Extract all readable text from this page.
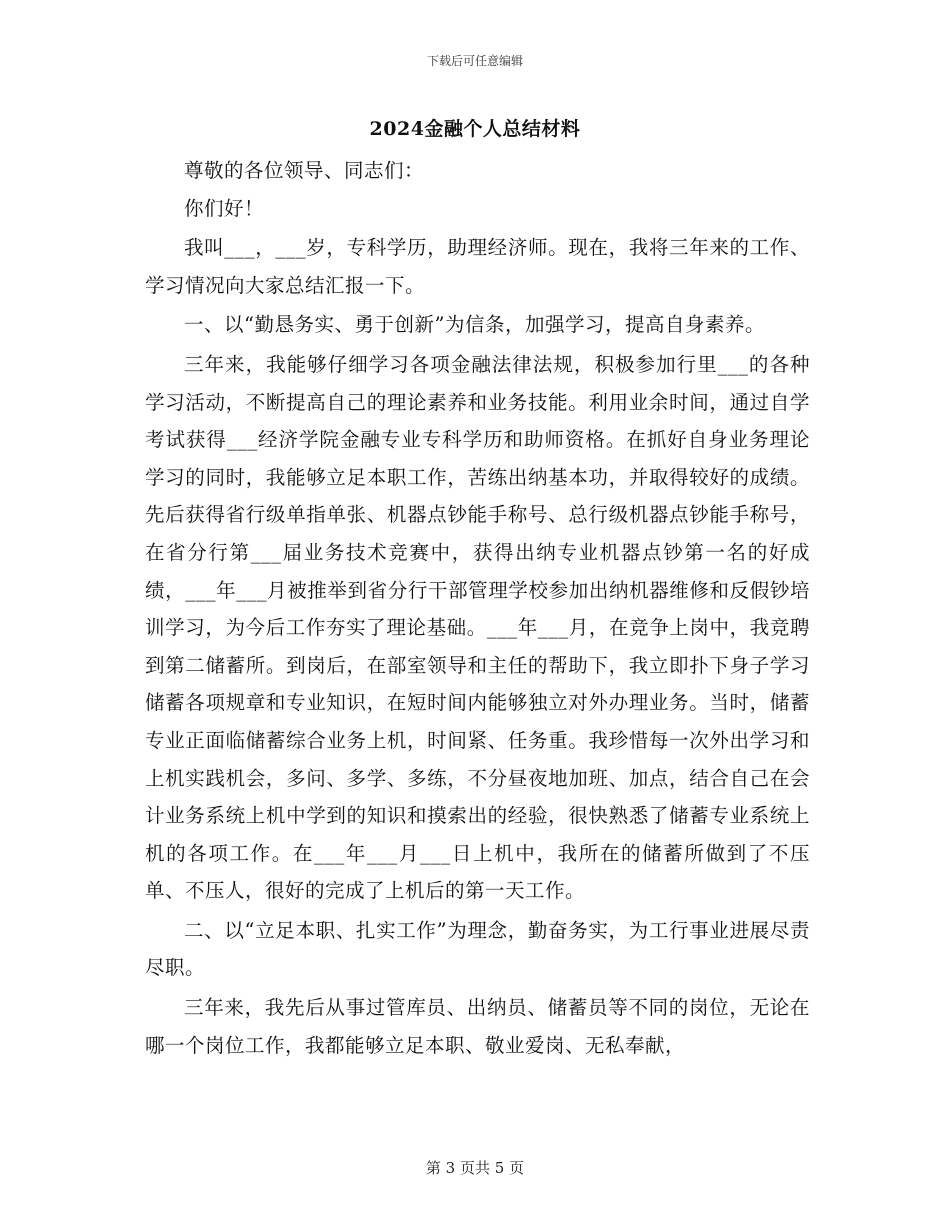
下载后可任意编辑
2024金融个人总结材料

尊敬的各位领导、同志们：

你们好！

我叫___，___岁，专科学历，助理经济师。现在，我将三年来的工作、学习情况向大家总结汇报一下。

一、以“勤恳务实、勇于创新”为信条，加强学习，提高自身素养。

三年来，我能够仔细学习各项金融法律法规，积极参加行里___的各种学习活动，不断提高自己的理论素养和业务技能。利用业余时间，通过自学考试获得___经济学院金融专业专科学历和助师资格。在抓好自身业务理论学习的同时，我能够立足本职工作，苦练出纳基本功，并取得较好的成绩。先后获得省行级单指单张、机器点钞能手称号、总行级机器点钞能手称号，在省分行第___届业务技术竞赛中，获得出纳专业机器点钞第一名的好成绩，___年___月被推举到省分行干部管理学校参加出纳机器维修和反假钞培训学习，为今后工作夯实了理论基础。___年___月，在竞争上岗中，我竞聘到第二储蓄所。到岗后，在部室领导和主任的帮助下，我立即扑下身子学习储蓄各项规章和专业知识，在短时间内能够独立对外办理业务。当时，储蓄专业正面临储蓄综合业务上机，时间紧、任务重。我珍惜每一次外出学习和上机实践机会，多问、多学、多练，不分昼夜地加班、加点，结合自己在会计业务系统上机中学到的知识和摸索出的经验，很快熟悉了储蓄专业系统上机的各项工作。在___年___月___日上机中，我所在的储蓄所做到了不压单、不压人，很好的完成了上机后的第一天工作。

二、以“立足本职、扎实工作”为理念，勤奋务实，为工行事业进展尽责尽职。

三年来，我先后从事过管库员、出纳员、储蓄员等不同的岗位，无论在哪一个岗位工作，我都能够立足本职、敬业爱岗、无私奉献，

第 3 页共 5 页
